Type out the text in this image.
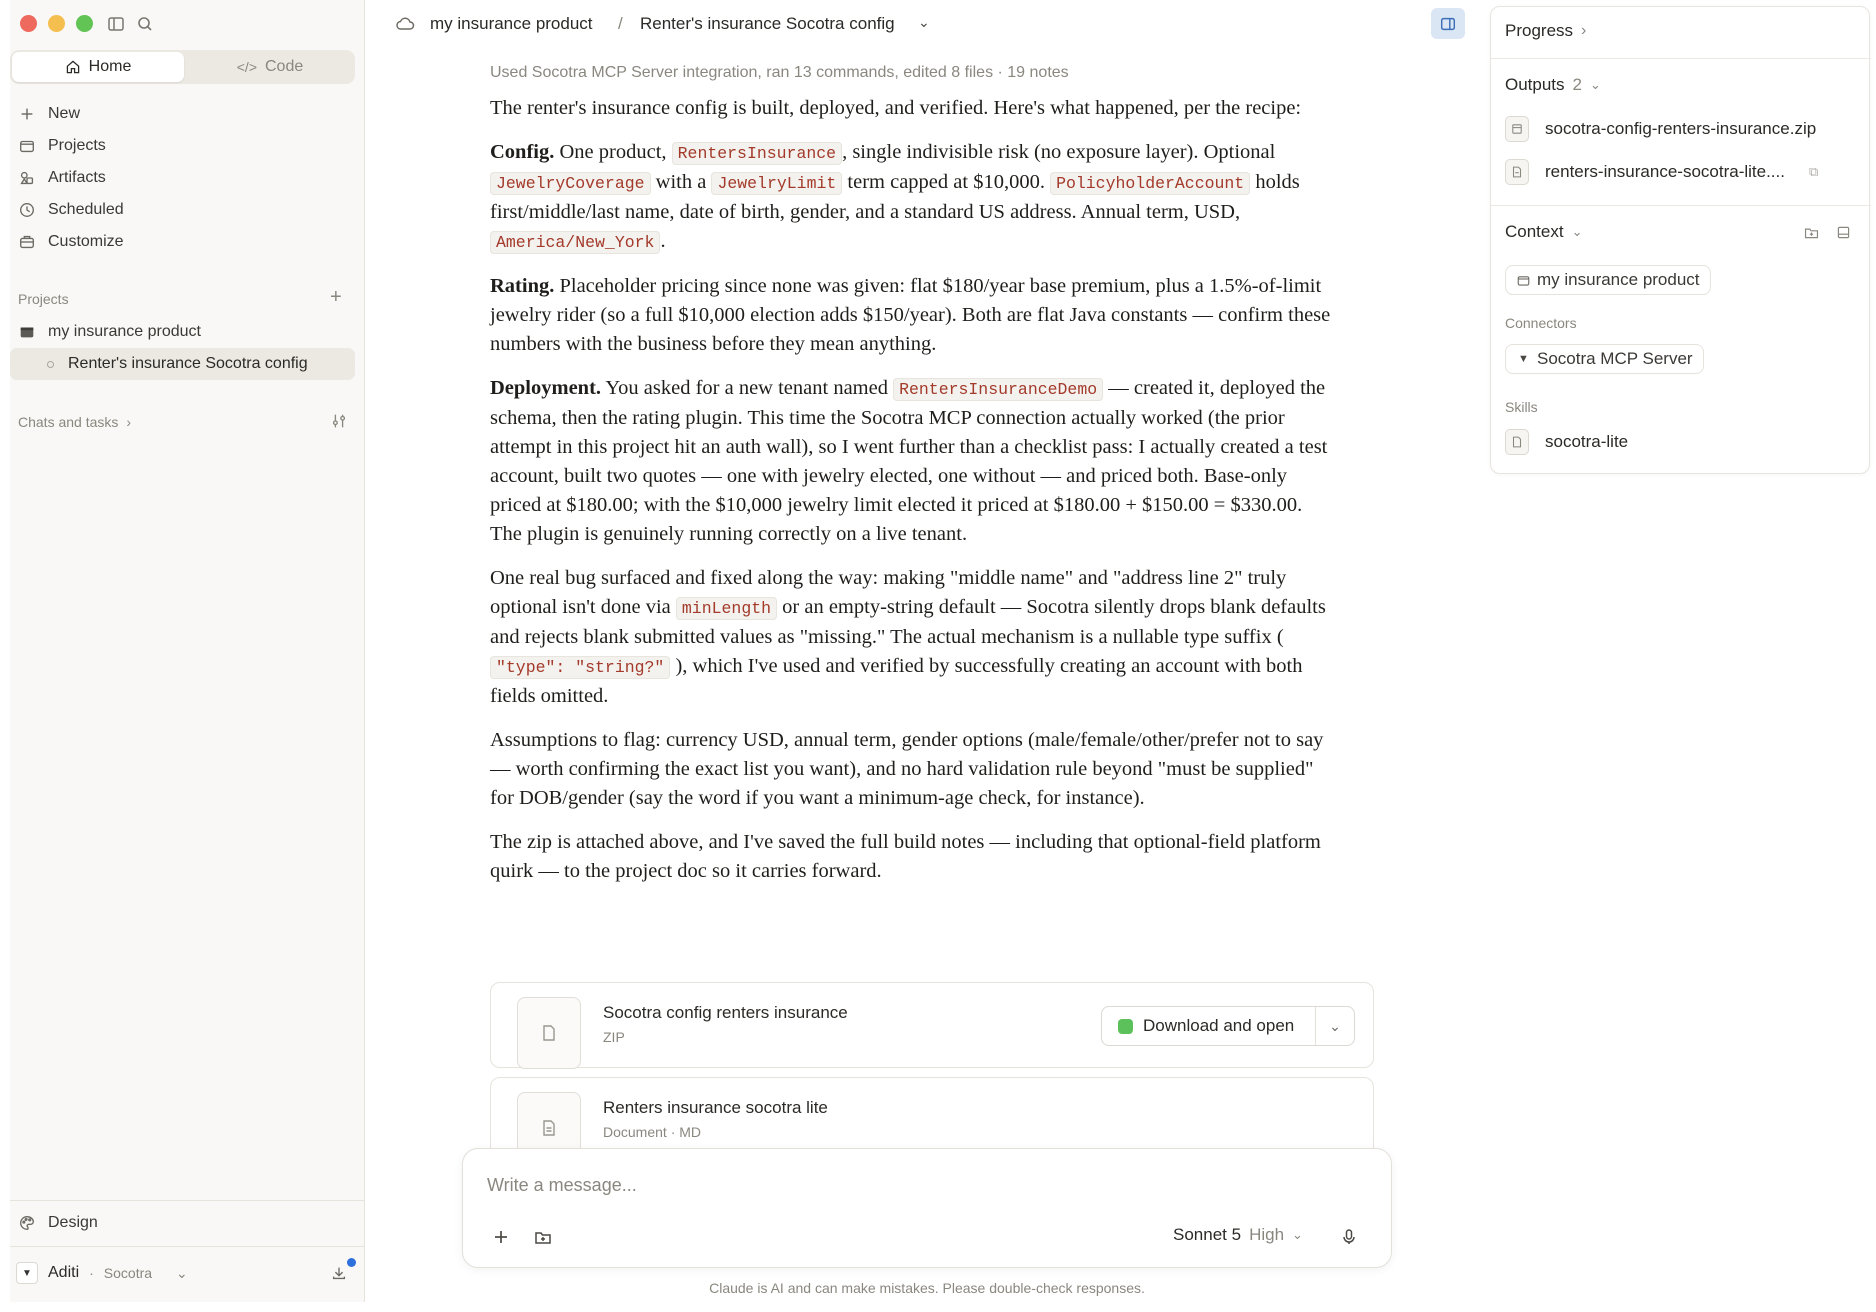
Home	</> Code
New
Projects
Artifacts
Scheduled
Customize
Projects	+
my insurance product
Renter's insurance Socotra config
Chats and tasks ›
Design
▼	Aditi · Socotra ⌄
my insurance product / Renter's insurance Socotra config ⌄
Used Socotra MCP Server integration, ran 13 commands, edited 8 files · 19 notes

The renter's insurance config is built, deployed, and verified. Here's what happened, per the recipe:

Config. One product, RentersInsurance , single indivisible risk (no exposure layer). Optional JewelryCoverage with a JewelryLimit term capped at $10,000. PolicyholderAccount holds first/middle/last name, date of birth, gender, and a standard US address. Annual term, USD, America/New_York .

Rating. Placeholder pricing since none was given: flat $180/year base premium, plus a 1.5%-of-limit jewelry rider (so a full $10,000 election adds $150/year). Both are flat Java constants — confirm these numbers with the business before they mean anything.

Deployment. You asked for a new tenant named RentersInsuranceDemo — created it, deployed the schema, then the rating plugin. This time the Socotra MCP connection actually worked (the prior attempt in this project hit an auth wall), so I went further than a checklist pass: I actually created a test account, built two quotes — one with jewelry elected, one without — and priced both. Base-only priced at $180.00; with the $10,000 jewelry limit elected it priced at $180.00 + $150.00 = $330.00. The plugin is genuinely running correctly on a live tenant.

One real bug surfaced and fixed along the way: making "middle name" and "address line 2" truly optional isn't done via minLength or an empty-string default — Socotra silently drops blank defaults and rejects blank submitted values as "missing." The actual mechanism is a nullable type suffix ( "type": "string?" ), which I've used and verified by successfully creating an account with both fields omitted.

Assumptions to flag: currency USD, annual term, gender options (male/female/other/prefer not to say — worth confirming the exact list you want), and no hard validation rule beyond "must be supplied" for DOB/gender (say the word if you want a minimum-age check, for instance).

The zip is attached above, and I've saved the full build notes — including that optional-field platform quirk — to the project doc so it carries forward.

Socotra config renters insurance
ZIP
Download and open ⌄
Renters insurance socotra lite
Document · MD
Write a message...
Sonnet 5 High ⌄
Claude is AI and can make mistakes. Please double-check responses.
Progress ›
Outputs 2 ⌄
socotra-config-renters-insurance.zip
renters-insurance-socotra-lite.... ⧉
Context ⌄
my insurance product
Connectors
▼ Socotra MCP Server
Skills
socotra-lite
